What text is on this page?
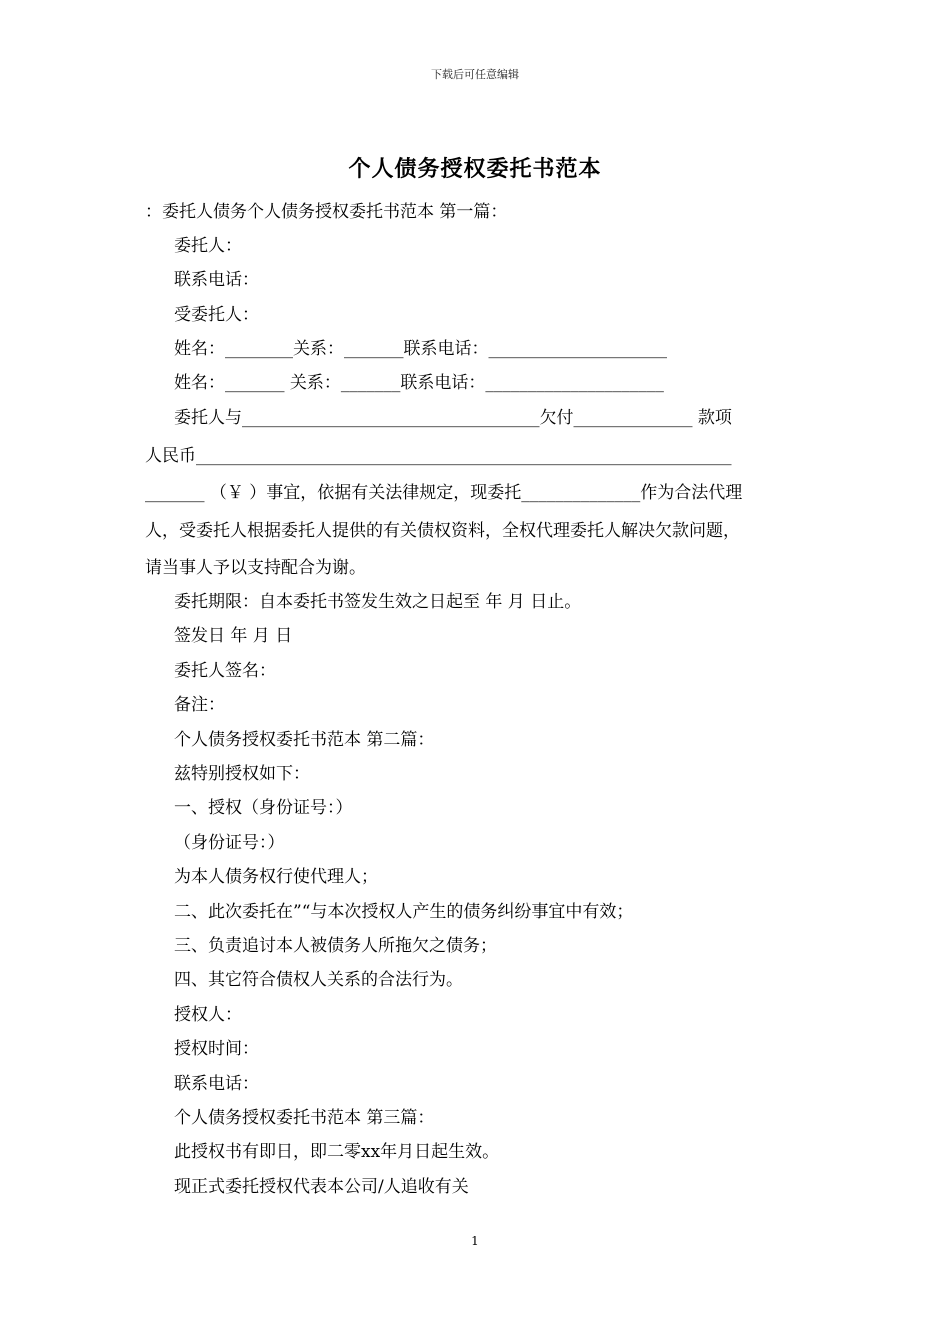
下载后可任意编辑
个人债务授权委托书范本
：委托人债务个人债务授权委托书范本 第一篇：
委托人：
联系电话：
受委托人：
姓名：________关系：_______联系电话：_____________________
姓名：_______ 关系：_______联系电话：_____________________
委托人与___________________________________欠付______________ 款项
人民币_______________________________________________________________
_______ （￥ ）事宜，依据有关法律规定，现委托______________作为合法代理
人，受委托人根据委托人提供的有关债权资料，全权代理委托人解决欠款问题，
请当事人予以支持配合为谢。
委托期限：自本委托书签发生效之日起至 年 月 日止。
签发日 年 月 日
委托人签名：
备注：
个人债务授权委托书范本 第二篇：
兹特别授权如下：
一、授权（身份证号：）
（身份证号：）
为本人债务权行使代理人；
二、此次委托在”“与本次授权人产生的债务纠纷事宜中有效；
三、负责追讨本人被债务人所拖欠之债务；
四、其它符合债权人关系的合法行为。
授权人：
授权时间：
联系电话：
个人债务授权委托书范本 第三篇：
此授权书有即日，即二零xx年月日起生效。
现正式委托授权代表本公司/人追收有关
1
